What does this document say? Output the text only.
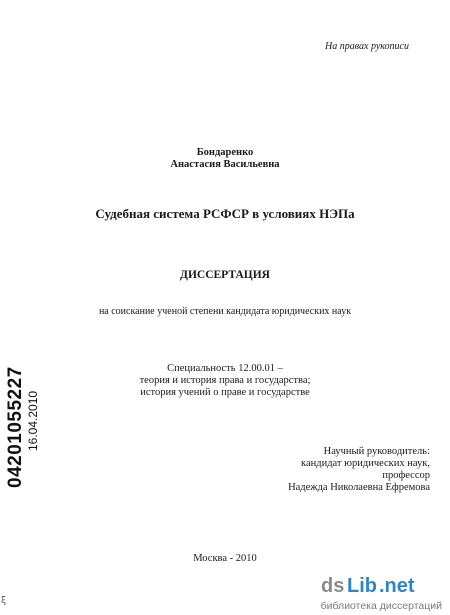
На правах рукописи
Бондаренко
Анастасия Васильевна
Судебная система РСФСР в условиях НЭПа
ДИССЕРТАЦИЯ
на соискание ученой степени кандидата юридических наук
Специальность 12.00.01 –
теория и история права и государства;
история учений о праве и государстве
Научный руководитель:
кандидат юридических наук,
профессор
Надежда Николаевна Ефремова
Москва - 2010
04201055227 16.04.2010
ξ
ds Lib .net
библиотека диссертаций
